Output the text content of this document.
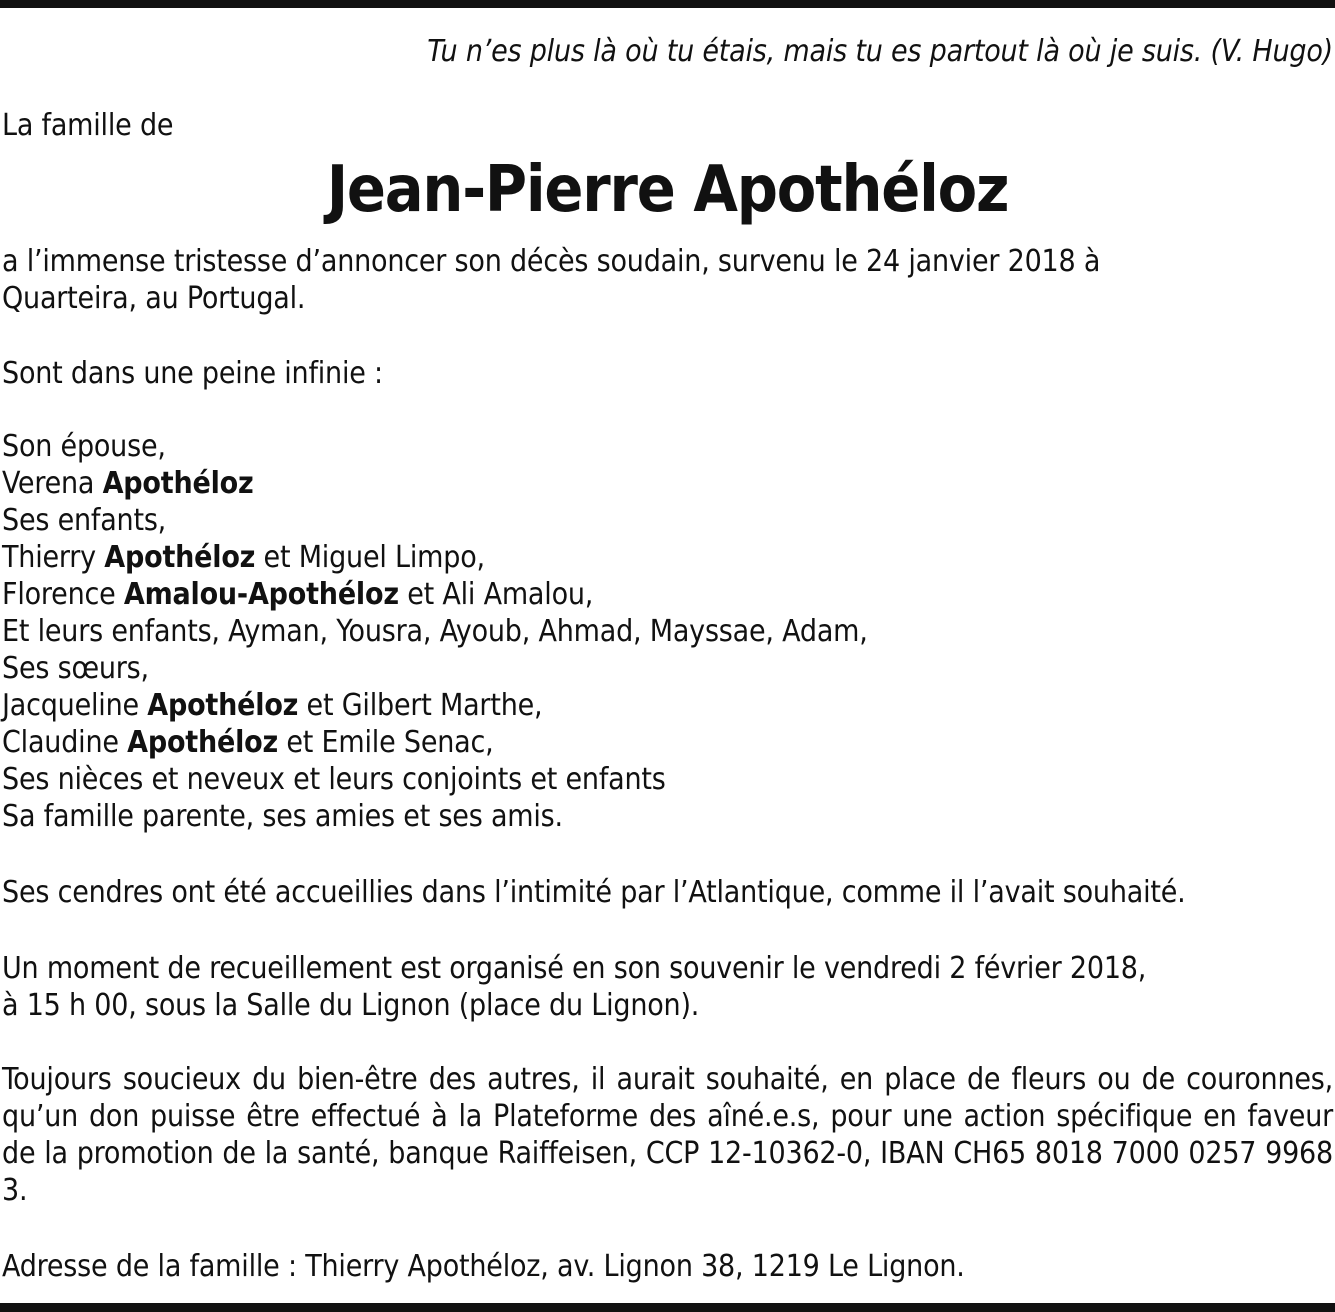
Tu n’es plus là où tu étais, mais tu es partout là où je suis. (V. Hugo)
La famille de
Jean-Pierre Apothéloz
a l’immense tristesse d’annoncer son décès soudain, survenu le 24 janvier 2018 à
Quarteira, au Portugal.
Sont dans une peine infinie :
Son épouse,
Verena Apothéloz
Ses enfants,
Thierry Apothéloz et Miguel Limpo,
Florence Amalou-Apothéloz et Ali Amalou,
Et leurs enfants, Ayman, Yousra, Ayoub, Ahmad, Mayssae, Adam,
Ses sœurs,
Jacqueline Apothéloz et Gilbert Marthe,
Claudine Apothéloz et Emile Senac,
Ses nièces et neveux et leurs conjoints et enfants
Sa famille parente, ses amies et ses amis.
Ses cendres ont été accueillies dans l’intimité par l’Atlantique, comme il l’avait souhaité.
Un moment de recueillement est organisé en son souvenir le vendredi 2 février 2018,
à 15 h 00, sous la Salle du Lignon (place du Lignon).
Toujours soucieux du bien-être des autres, il aurait souhaité, en place de fleurs ou de couronnes, qu’un don puisse être effectué à la Plateforme des aîné.e.s, pour une action spécifique en faveur de la promotion de la santé, banque Raiffeisen, CCP 12-10362-0, IBAN CH65 8018 7000 0257 9968 3.
Adresse de la famille : Thierry Apothéloz, av. Lignon 38, 1219 Le Lignon.
